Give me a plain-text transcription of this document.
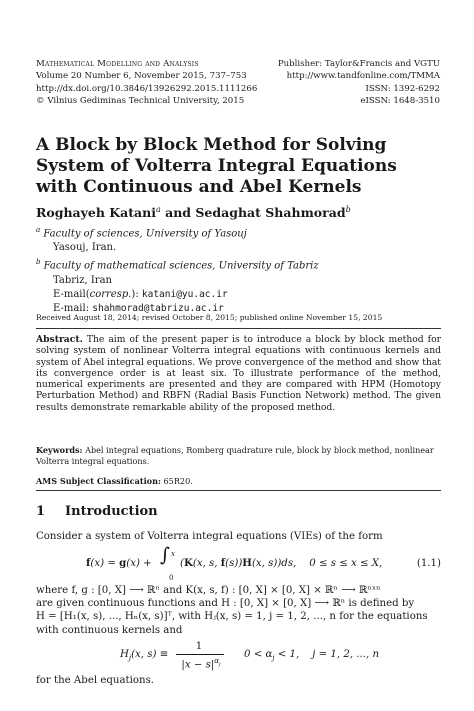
Mathematical Modelling and Analysis
Volume 20 Number 6, November 2015, 737–753
http://dx.doi.org/10.3846/13926292.2015.1111266
© Vilnius Gediminas Technical University, 2015
Publisher: Taylor&Francis and VGTU
http://www.tandfonline.com/TMMA
ISSN: 1392-6292
eISSN: 1648-3510
A Block by Block Method for Solving System of Volterra Integral Equations with Continuous and Abel Kernels
Roghayeh Katani$^a$ and Sedaghat Shahmorad$^b$
$^a$ Faculty of sciences, University of Yasouj
Yasouj, Iran.
$^b$ Faculty of mathematical sciences, University of Tabriz
Tabriz, Iran
E-mail(corresp.): katani@yu.ac.ir
E-mail: shahmorad@tabrizu.ac.ir
Received August 18, 2014; revised October 8, 2015; published online November 15, 2015
Abstract. The aim of the present paper is to introduce a block by block method for solving system of nonlinear Volterra integral equations with continuous kernels and system of Abel integral equations. We prove convergence of the method and show that its convergence order is at least six. To illustrate performance of the method, numerical experiments are presented and they are compared with HPM (Homotopy Perturbation Method) and RBFN (Radial Basis Function Network) method. The given results demonstrate remarkable ability of the proposed method.
Keywords: Abel integral equations, Romberg quadrature rule, block by block method, nonlinear Volterra integral equations.
AMS Subject Classification: 65R20.
1 Introduction
Consider a system of Volterra integral equations (VIEs) of the form
f(x) = g(x) + ∫ x
0
(K(x, s, f(s))H(x, s))ds,    0 ≤ s ≤ x ≤ X,	(1.1)
where f, g : [0, X] ⟶ ℝⁿ and K(x, s, f) : [0, X] × [0, X] × ℝⁿ ⟶ ℝⁿˣⁿ
are given continuous functions and H : [0, X] × [0, X] ⟶ ℝⁿ is defined by
H = [H₁(x, s), ..., Hₙ(x, s)]ᵀ, with Hⱼ(x, s) = 1, j = 1, 2, ..., n for the equations
with continuous kernels and
$H_j(x$, s) ≡
1
$|x - s|^{\alpha_j}$
$0 < \alpha_j < 1$,    j = 1, 2, ..., n
for the Abel equations.
